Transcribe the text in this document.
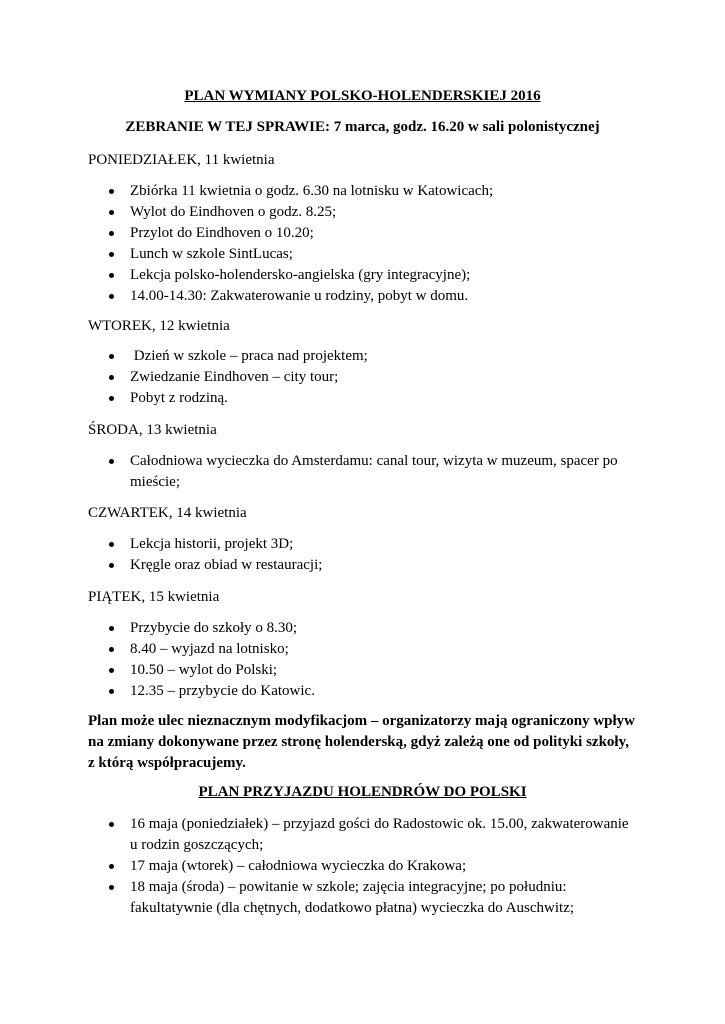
PLAN WYMIANY POLSKO-HOLENDERSKIEJ 2016
ZEBRANIE W TEJ SPRAWIE: 7 marca, godz. 16.20 w sali polonistycznej
PONIEDZIAŁEK, 11 kwietnia
Zbiórka 11 kwietnia o godz. 6.30 na lotnisku w Katowicach;
Wylot do Eindhoven o godz. 8.25;
Przylot do Eindhoven o 10.20;
Lunch w szkole SintLucas;
Lekcja polsko-holendersko-angielska (gry integracyjne);
14.00-14.30: Zakwaterowanie u rodziny, pobyt w domu.
WTOREK, 12 kwietnia
Dzień w szkole – praca nad projektem;
Zwiedzanie Eindhoven – city tour;
Pobyt z rodziną.
ŚRODA, 13 kwietnia
Całodniowa wycieczka do Amsterdamu: canal tour, wizyta w muzeum, spacer po mieście;
CZWARTEK, 14 kwietnia
Lekcja historii, projekt 3D;
Kręgle oraz obiad w restauracji;
PIĄTEK, 15 kwietnia
Przybycie do szkoły o 8.30;
8.40 – wyjazd na lotnisko;
10.50 – wylot do Polski;
12.35 – przybycie do Katowic.
Plan może ulec nieznacznym modyfikacjom – organizatorzy mają ograniczony wpływ na zmiany dokonywane przez stronę holenderską, gdyż zależą one od polityki szkoły, z którą współpracujemy.
PLAN PRZYJAZDU HOLENDRÓW DO POLSKI
16 maja (poniedziałek) – przyjazd gości do Radostowic ok. 15.00, zakwaterowanie u rodzin goszczących;
17 maja (wtorek) – całodniowa wycieczka do Krakowa;
18 maja (środa) – powitanie w szkole; zajęcia integracyjne; po południu: fakultatywnie (dla chętnych, dodatkowo płatna) wycieczka do Auschwitz;
